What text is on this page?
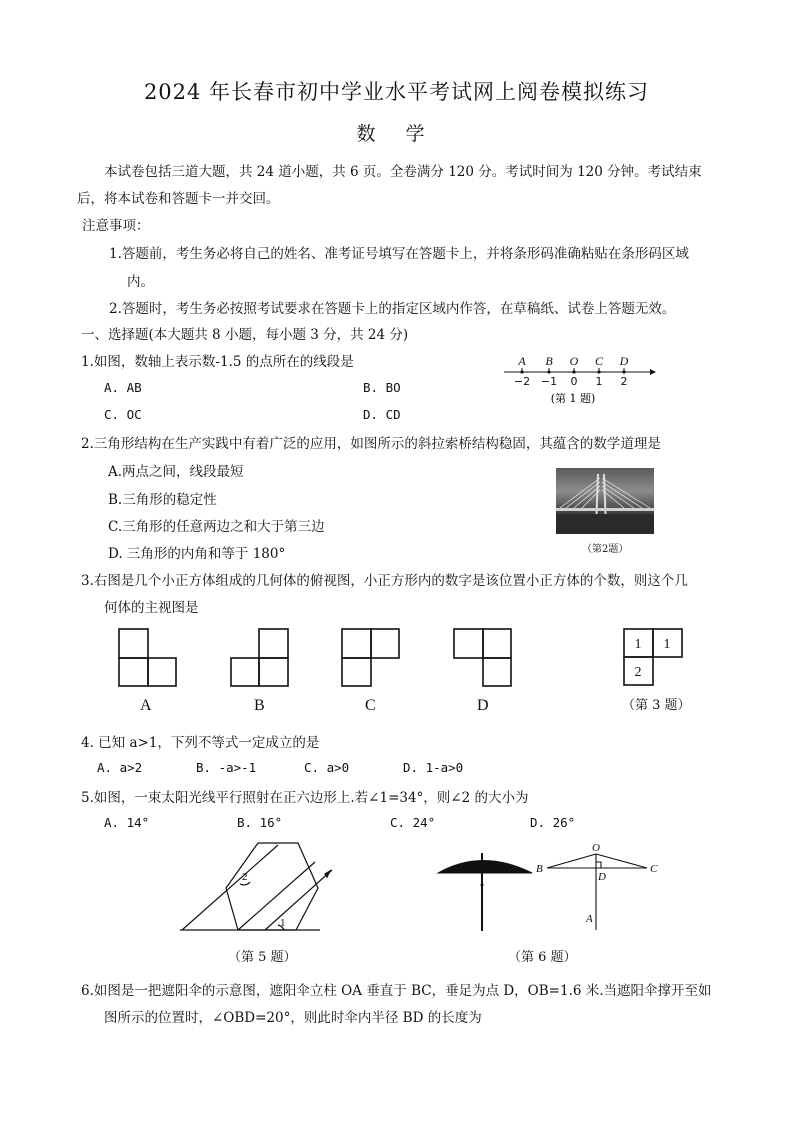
2024 年长春市初中学业水平考试网上阅卷模拟练习
数 学
本试卷包括三道大题，共 24 道小题，共 6 页。全卷满分 120 分。考试时间为 120 分钟。考试结束
后，将本试卷和答题卡一并交回。
注意事项：
1.答题前，考生务必将自己的姓名、准考证号填写在答题卡上，并将条形码准确粘贴在条形码区域
内。
2.答题时，考生务必按照考试要求在答题卡上的指定区域内作答，在草稿纸、试卷上答题无效。
一、选择题(本大题共 8 小题，每小题 3 分，共 24 分)
1.如图，数轴上表示数-1.5 的点所在的线段是
A. AB	B. BO
C. OC	D. CD
A B O C D
−2 −1 0 1 2
(第 1 题)
2.三角形结构在生产实践中有着广泛的应用，如图所示的斜拉索桥结构稳固，其蕴含的数学道理是
A.两点之间，线段最短
B.三角形的稳定性
C.三角形的任意两边之和大于第三边
D. 三角形的内角和等于 180°	（第2题）
3.右图是几个小正方体组成的几何体的俯视图，小正方形内的数字是该位置小正方体的个数，则这个几
何体的主视图是
A	B	C	D
1 1
2
（第 3 题）
4. 已知 a>1，下列不等式一定成立的是
A. a>2	B. -a>-1	C. a>0	D. 1-a>0
5.如图，一束太阳光线平行照射在正六边形上.若∠1=34°，则∠2 的大小为
A. 14°	B. 16°	C. 24°	D. 26°
2
1
（第 5 题）
O
B
D
C
A
（第 6 题）
6.如图是一把遮阳伞的示意图，遮阳伞立柱 OA 垂直于 BC，垂足为点 D，OB=1.6 米.当遮阳伞撑开至如
图所示的位置时，∠OBD=20°，则此时伞内半径 BD 的长度为
